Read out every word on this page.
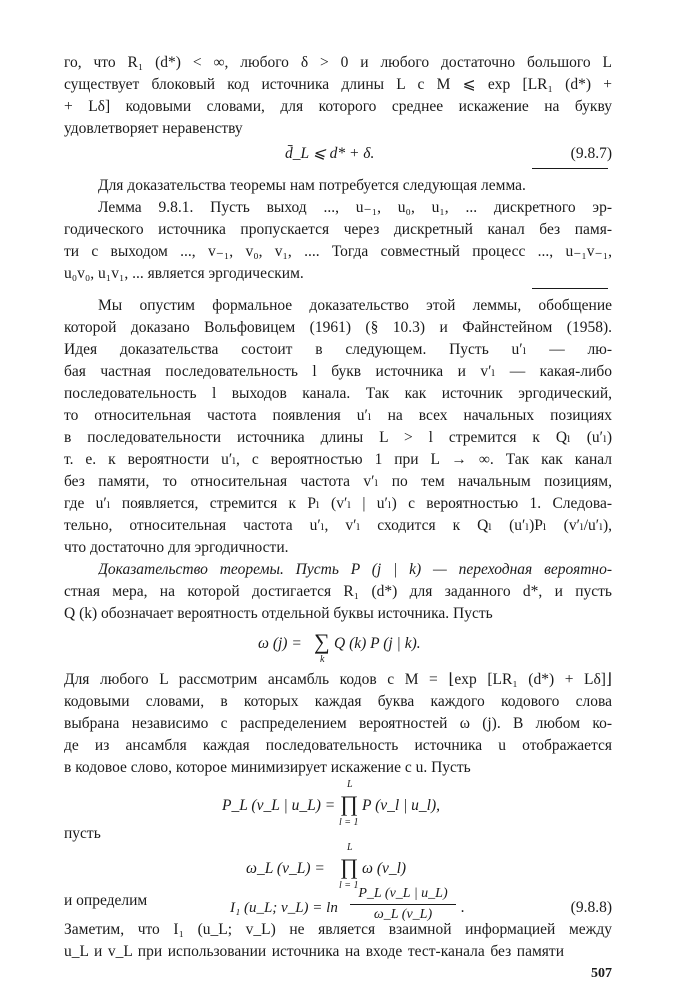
го, что R₁ (d*) < ∞, любого δ > 0 и любого достаточно большого L
существует блоковый код источника длины L с M ⩽ exp [LR₁ (d*) +
+ Lδ] кодовыми словами, для которого среднее искажение на букву
удовлетворяет неравенству
d̄_L ⩽ d* + δ.	(9.8.7)
Для доказательства теоремы нам потребуется следующая лемма.
Лемма 9.8.1. Пусть выход ..., u₋₁, u₀, u₁, ... дискретного эр-
годического источника пропускается через дискретный канал без памя-
ти с выходом ..., v₋₁, v₀, v₁, .... Тогда совместный процесс ..., u₋₁v₋₁,
u₀v₀, u₁v₁, ... является эргодическим.
Мы опустим формальное доказательство этой леммы, обобщение
которой доказано Вольфовицем (1961) (§ 10.3) и Файнстейном (1958).
Идея доказательства состоит в следующем. Пусть u′ₗ — лю-
бая частная последовательность l букв источника и v′ₗ — какая-либо
последовательность l выходов канала. Так как источник эргодический,
то относительная частота появления u′ₗ на всех начальных позициях
в последовательности источника длины L > l стремится к Qₗ (u′ₗ)
т. е. к вероятности u′ₗ, с вероятностью 1 при L → ∞. Так как канал
без памяти, то относительная частота v′ₗ по тем начальным позициям,
где u′ₗ появляется, стремится к Pₗ (v′ₗ | u′ₗ) с вероятностью 1. Следова-
тельно, относительная частота u′ₗ, v′ₗ сходится к Qₗ (u′ₗ)Pₗ (v′ₗ/u′ₗ),
что достаточно для эргодичности.
Доказательство теоремы. Пусть P (j | k) — переходная вероятно-
стная мера, на которой достигается R₁ (d*) для заданного d*, и пусть
Q (k) обозначает вероятность отдельной буквы источника. Пусть
ω (j) = ∑
k
Q (k) P (j | k).
Для любого L рассмотрим ансамбль кодов с M = ⌊exp [LR₁ (d*) + Lδ]⌋
кодовыми словами, в которых каждая буква каждого кодового слова
выбрана независимо с распределением вероятностей ω (j). В любом ко-
де из ансамбля каждая последовательность источника u отображается
в кодовое слово, которое минимизирует искажение с u. Пусть
L
P_L (v_L | u_L) = ∏
l = 1
P (v_l | u_l),
пусть
L
ω_L (v_L) = ∏
l = 1
ω (v_l)
и определим	I₁ (u_L; v_L) = ln
P_L (v_L | u_L)
ω_L (v_L)	.	(9.8.8)
Заметим, что I₁ (u_L; v_L) не является взаимной информацией между
u_L и v_L при использовании источника на входе тест-канала без памяти
507
